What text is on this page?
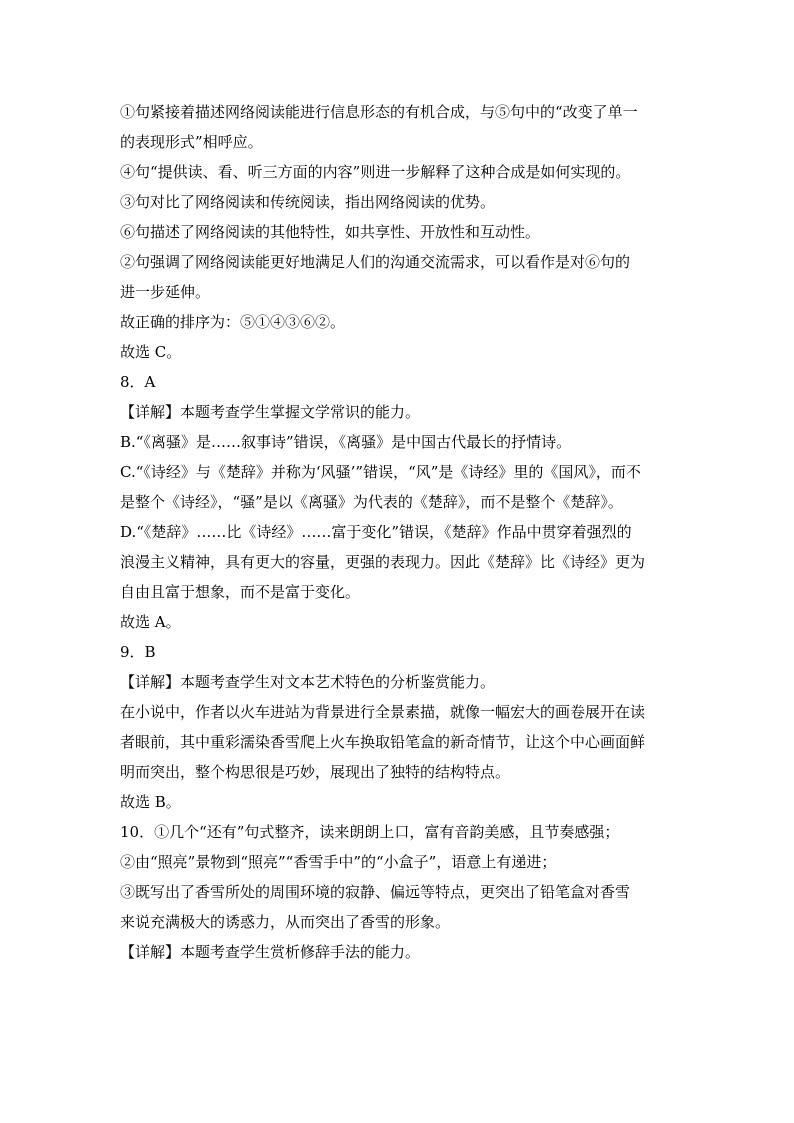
①句紧接着描述网络阅读能进行信息形态的有机合成，与⑤句中的“改变了单一
的表现形式”相呼应。
④句“提供读、看、听三方面的内容”则进一步解释了这种合成是如何实现的。
③句对比了网络阅读和传统阅读，指出网络阅读的优势。
⑥句描述了网络阅读的其他特性，如共享性、开放性和互动性。
②句强调了网络阅读能更好地满足人们的沟通交流需求，可以看作是对⑥句的
进一步延伸。
故正确的排序为：⑤①④③⑥②。
故选 C。
8．A
【详解】本题考查学生掌握文学常识的能力。
B.“《离骚》是……叙事诗”错误，《离骚》是中国古代最长的抒情诗。
C.“《诗经》与《楚辞》并称为‘风骚’”错误，“风”是《诗经》里的《国风》，而不
是整个《诗经》，“骚”是以《离骚》为代表的《楚辞》，而不是整个《楚辞》。
D.“《楚辞》……比《诗经》……富于变化”错误，《楚辞》作品中贯穿着强烈的
浪漫主义精神，具有更大的容量，更强的表现力。因此《楚辞》比《诗经》更为
自由且富于想象，而不是富于变化。
故选 A。
9．B
【详解】本题考查学生对文本艺术特色的分析鉴赏能力。
在小说中，作者以火车进站为背景进行全景素描，就像一幅宏大的画卷展开在读
者眼前，其中重彩濡染香雪爬上火车换取铅笔盒的新奇情节，让这个中心画面鲜
明而突出，整个构思很是巧妙，展现出了独特的结构特点。
故选 B。
10．①几个“还有”句式整齐，读来朗朗上口，富有音韵美感，且节奏感强；
②由“照亮”景物到“照亮”“香雪手中”的“小盒子”，语意上有递进；
③既写出了香雪所处的周围环境的寂静、偏远等特点，更突出了铅笔盒对香雪
来说充满极大的诱惑力，从而突出了香雪的形象。
【详解】本题考查学生赏析修辞手法的能力。
